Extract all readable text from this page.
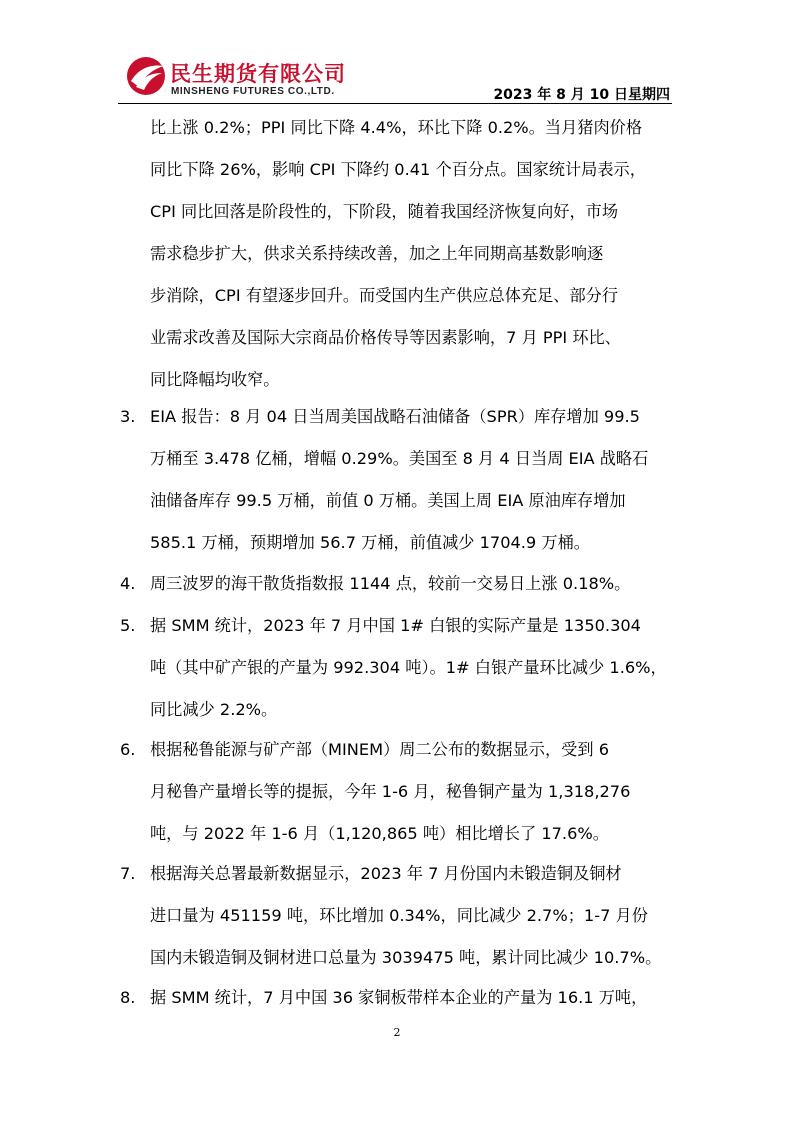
民生期货有限公司
MINSHENG FUTURES CO.,LTD.	2023 年 8 月 10 日星期四
比上涨 0.2%；PPI 同比下降 4.4%，环比下降 0.2%。当月猪肉价格
同比下降 26%，影响 CPI 下降约 0.41 个百分点。国家统计局表示，
CPI 同比回落是阶段性的，下阶段，随着我国经济恢复向好，市场
需求稳步扩大，供求关系持续改善，加之上年同期高基数影响逐
步消除，CPI 有望逐步回升。而受国内生产供应总体充足、部分行
业需求改善及国际大宗商品价格传导等因素影响，7 月 PPI 环比、
同比降幅均收窄。
3. EIA 报告：8 月 04 日当周美国战略石油储备（SPR）库存增加 99.5
万桶至 3.478 亿桶，增幅 0.29%。美国至 8 月 4 日当周 EIA 战略石
油储备库存 99.5 万桶，前值 0 万桶。美国上周 EIA 原油库存增加
585.1 万桶，预期增加 56.7 万桶，前值减少 1704.9 万桶。
4. 周三波罗的海干散货指数报 1144 点，较前一交易日上涨 0.18%。
5. 据 SMM 统计，2023 年 7 月中国 1# 白银的实际产量是 1350.304
吨（其中矿产银的产量为 992.304 吨）。1# 白银产量环比减少 1.6%，
同比减少 2.2%。
6. 根据秘鲁能源与矿产部（MINEM）周二公布的数据显示，受到 6
月秘鲁产量增长等的提振，今年 1-6 月，秘鲁铜产量为 1,318,276
吨，与 2022 年 1-6 月（1,120,865 吨）相比增长了 17.6%。
7. 根据海关总署最新数据显示，2023 年 7 月份国内未锻造铜及铜材
进口量为 451159 吨，环比增加 0.34%，同比减少 2.7%；1-7 月份
国内未锻造铜及铜材进口总量为 3039475 吨，累计同比减少 10.7%。
8. 据 SMM 统计，7 月中国 36 家铜板带样本企业的产量为 16.1 万吨，
2
